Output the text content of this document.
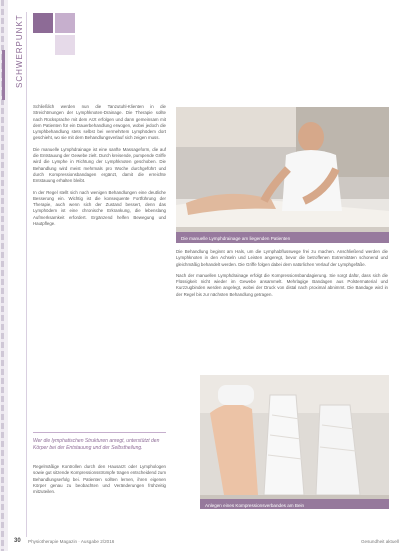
SCHWERPUNKT

Schließlich werden nun die Tanzutuhl-Klienten in die Streichtmungen der Lymphknoten-Drainage. Die Therapie sollte nach Rücksprache mit dem Arzt erfolgen und dann gemeinsam mit dem Patienten für ein Dauerbehandlung erwogen, wobei jedoch die Lymphbehandlung stets selbst bei vermehrtem Lymphödem dort geschieht, wo sie mit dem Behandlungsverlauf sich zeigen muss.

Die manuelle Lymphdrainage ist eine sanfte Massageform, die auf die Entstauung der Gewebe zielt. Durch kreisende, pumpende Griffe wird die Lymphe in Richtung der Lymphknoten geschoben. Die Behandlung wird meist mehrmals pro Woche durchgeführt und durch Kompressionsbandagen ergänzt, damit die erreichte Entstauung erhalten bleibt.

In der Regel stellt sich nach wenigen Behandlungen eine deutliche Besserung ein. Wichtig ist die konsequente Fortführung der Therapie, auch wenn sich der Zustand bessert, denn das Lymphödem ist eine chronische Erkrankung, die lebenslang Aufmerksamkeit erfordert. Ergänzend helfen Bewegung und Hautpflege.

Wer die lymphatischen Strukturen anregt, unterstützt den Körper bei der Entstauung und der Selbstheilung.

Regelmäßige Kontrollen durch den Hausarzt oder Lymphologen sowie gut sitzende Kompressionsstrümpfe tragen entscheidend zum Behandlungserfolg bei. Patienten sollten lernen, ihren eigenen Körper genau zu beobachten und Veränderungen frühzeitig mitzuteilen.

Die manuelle Lymphdrainage am liegenden Patienten

Die Behandlung beginnt am Hals, um die Lymphabflusswege frei zu machen. Anschließend werden die Lymphknoten in den Achseln und Leisten angeregt, bevor die betroffenen Extremitäten schonend und gleichmäßig behandelt werden. Die Griffe folgen dabei dem natürlichen Verlauf der Lymphgefäße.

Nach der manuellen Lymphdrainage erfolgt die Kompressionsbandagierung. Sie sorgt dafür, dass sich die Flüssigkeit nicht wieder im Gewebe ansammelt. Mehrlagige Bandagen aus Polstermaterial und Kurzzugbinden werden angelegt, wobei der Druck von distal nach proximal abnimmt. Die Bandage wird in der Regel bis zur nächsten Behandlung getragen.

Anlegen eines Kompressionsverbandes am Bein
30 Physiotherapie Magazin · Ausgabe 2/2016	Gesundheit aktuell
